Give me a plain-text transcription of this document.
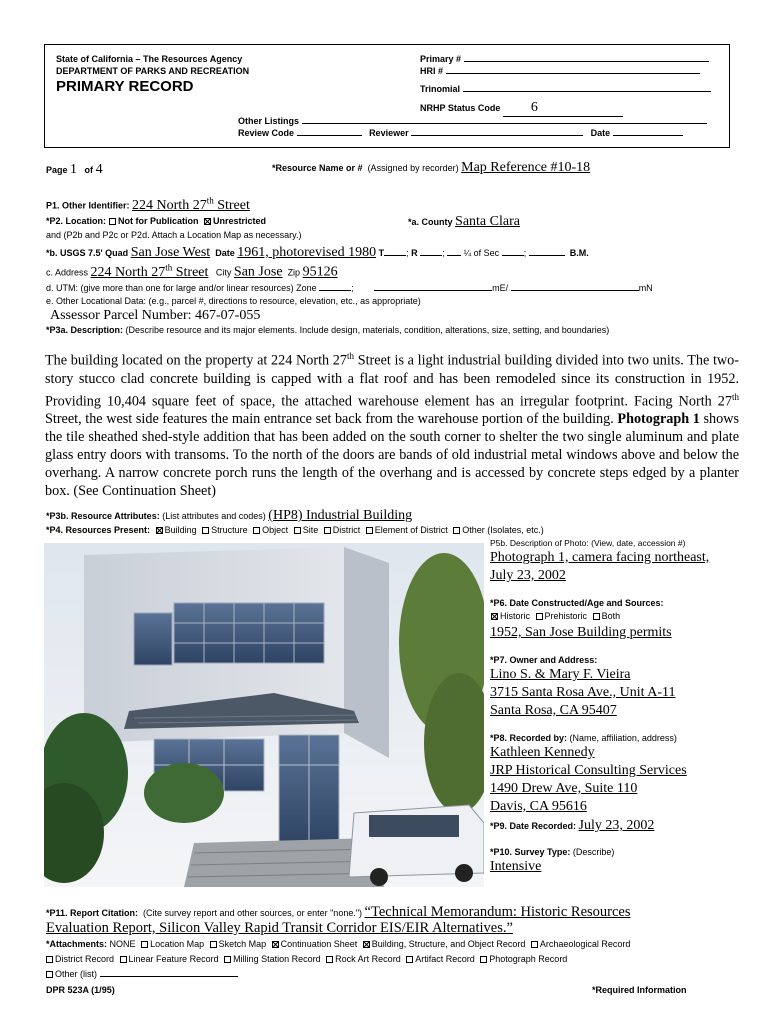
State of California – The Resources Agency
DEPARTMENT OF PARKS AND RECREATION
PRIMARY RECORD
Primary #
HRI #
Trinomial
NRHP Status Code 6
Other Listings
Review Code	Reviewer	Date
Page 1 of 4	*Resource Name or # (Assigned by recorder) Map Reference #10-18
P1. Other Identifier: 224 North 27th Street
*P2. Location: Not for Publication Unrestricted	*a. County Santa Clara
and (P2b and P2c or P2d. Attach a Location Map as necessary.)
*b. USGS 7.5' Quad San Jose West Date 1961, photorevised 1980 T ; R	;  ¼ of Sec	;	B.M.
c. Address 224 North 27th Street City San Jose Zip 95126
d. UTM: (give more than one for large and/or linear resources) Zone	;	mE/	mN
e. Other Locational Data: (e.g., parcel #, directions to resource, elevation, etc., as appropriate)
Assessor Parcel Number: 467-07-055
*P3a. Description: (Describe resource and its major elements. Include design, materials, condition, alterations, size, setting, and boundaries)
The building located on the property at 224 North 27th Street is a light industrial building divided into two units. The two-story stucco clad concrete building is capped with a flat roof and has been remodeled since its construction in 1952. Providing 10,404 square feet of space, the attached warehouse element has an irregular footprint. Facing North 27th Street, the west side features the main entrance set back from the warehouse portion of the building. Photograph 1 shows the tile sheathed shed-style addition that has been added on the south corner to shelter the two single aluminum and plate glass entry doors with transoms. To the north of the doors are bands of old industrial metal windows above and below the overhang. A narrow concrete porch runs the length of the overhang and is accessed by concrete steps edged by a planter box. (See Continuation Sheet)
*P3b. Resource Attributes: (List attributes and codes) (HP8) Industrial Building
*P4. Resources Present: Building Structure Object Site District Element of District Other (Isolates, etc.)
P5b. Description of Photo: (View, date, accession #)
Photograph 1, camera facing northeast,
July 23, 2002
*P6. Date Constructed/Age and Sources:
Historic Prehistoric Both
1952, San Jose Building permits
*P7. Owner and Address:
Lino S. & Mary F. Vieira
3715 Santa Rosa Ave., Unit A-11
Santa Rosa, CA 95407
*P8. Recorded by: (Name, affiliation, address)
Kathleen Kennedy
JRP Historical Consulting Services
1490 Drew Ave, Suite 110
Davis, CA 95616
*P9. Date Recorded: July 23, 2002
*P10. Survey Type: (Describe)
Intensive
*P11. Report Citation: (Cite survey report and other sources, or enter "none.") “Technical Memorandum: Historic Resources
Evaluation Report, Silicon Valley Rapid Transit Corridor EIS/EIR Alternatives.”
*Attachments: NONE Location Map Sketch Map Continuation Sheet Building, Structure, and Object Record Archaeological Record
District Record Linear Feature Record Milling Station Record Rock Art Record Artifact Record Photograph Record
Other (list)
DPR 523A (1/95)	*Required Information
